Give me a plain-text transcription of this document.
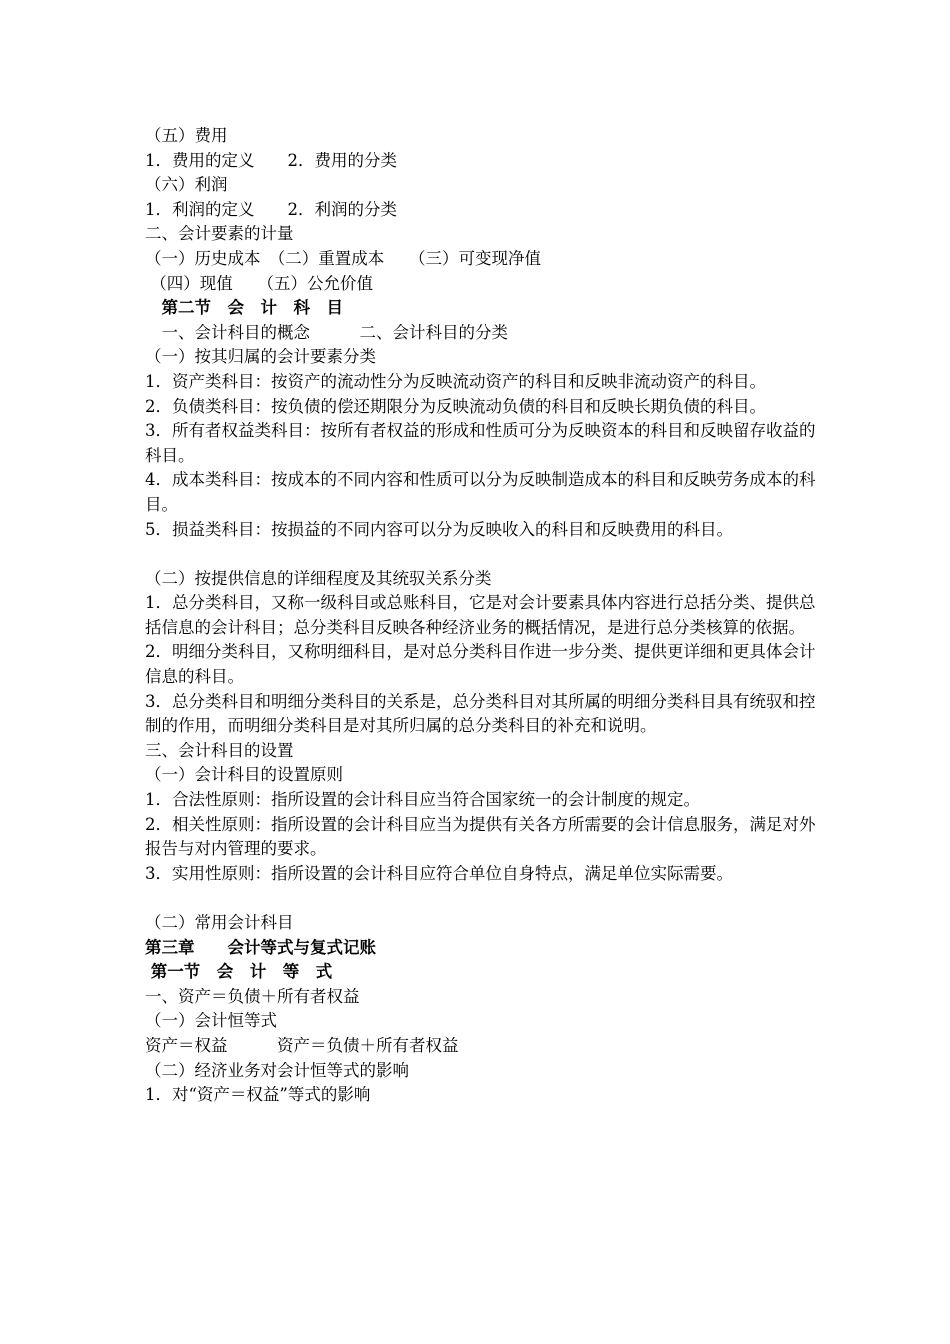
（五）费用
1．费用的定义　　2．费用的分类
（六）利润
1．利润的定义　　2．利润的分类
二、会计要素的计量
（一）历史成本　（二）重置成本　　（三）可变现净值
（四）现值　　（五）公允价值
　第二节　会　计　科　目
　一、会计科目的概念　　　二、会计科目的分类
（一）按其归属的会计要素分类
1．资产类科目：按资产的流动性分为反映流动资产的科目和反映非流动资产的科目。
2．负债类科目：按负债的偿还期限分为反映流动负债的科目和反映长期负债的科目。
3．所有者权益类科目：按所有者权益的形成和性质可分为反映资本的科目和反映留存收益的科目。
4．成本类科目：按成本的不同内容和性质可以分为反映制造成本的科目和反映劳务成本的科目。
5．损益类科目：按损益的不同内容可以分为反映收入的科目和反映费用的科目。
（二）按提供信息的详细程度及其统驭关系分类
1．总分类科目，又称一级科目或总账科目，它是对会计要素具体内容进行总括分类、提供总括信息的会计科目；总分类科目反映各种经济业务的概括情况，是进行总分类核算的依据。
2．明细分类科目，又称明细科目，是对总分类科目作进一步分类、提供更详细和更具体会计信息的科目。
3．总分类科目和明细分类科目的关系是，总分类科目对其所属的明细分类科目具有统驭和控制的作用，而明细分类科目是对其所归属的总分类科目的补充和说明。
三、会计科目的设置
（一）会计科目的设置原则
1．合法性原则：指所设置的会计科目应当符合国家统一的会计制度的规定。
2．相关性原则：指所设置的会计科目应当为提供有关各方所需要的会计信息服务，满足对外报告与对内管理的要求。
3．实用性原则：指所设置的会计科目应符合单位自身特点，满足单位实际需要。
（二）常用会计科目
第三章　　会计等式与复式记账
第一节　会　计　等　式
一、资产＝负债＋所有者权益
（一）会计恒等式
资产＝权益　　　资产＝负债＋所有者权益
（二）经济业务对会计恒等式的影响
1．对“资产＝权益”等式的影响
